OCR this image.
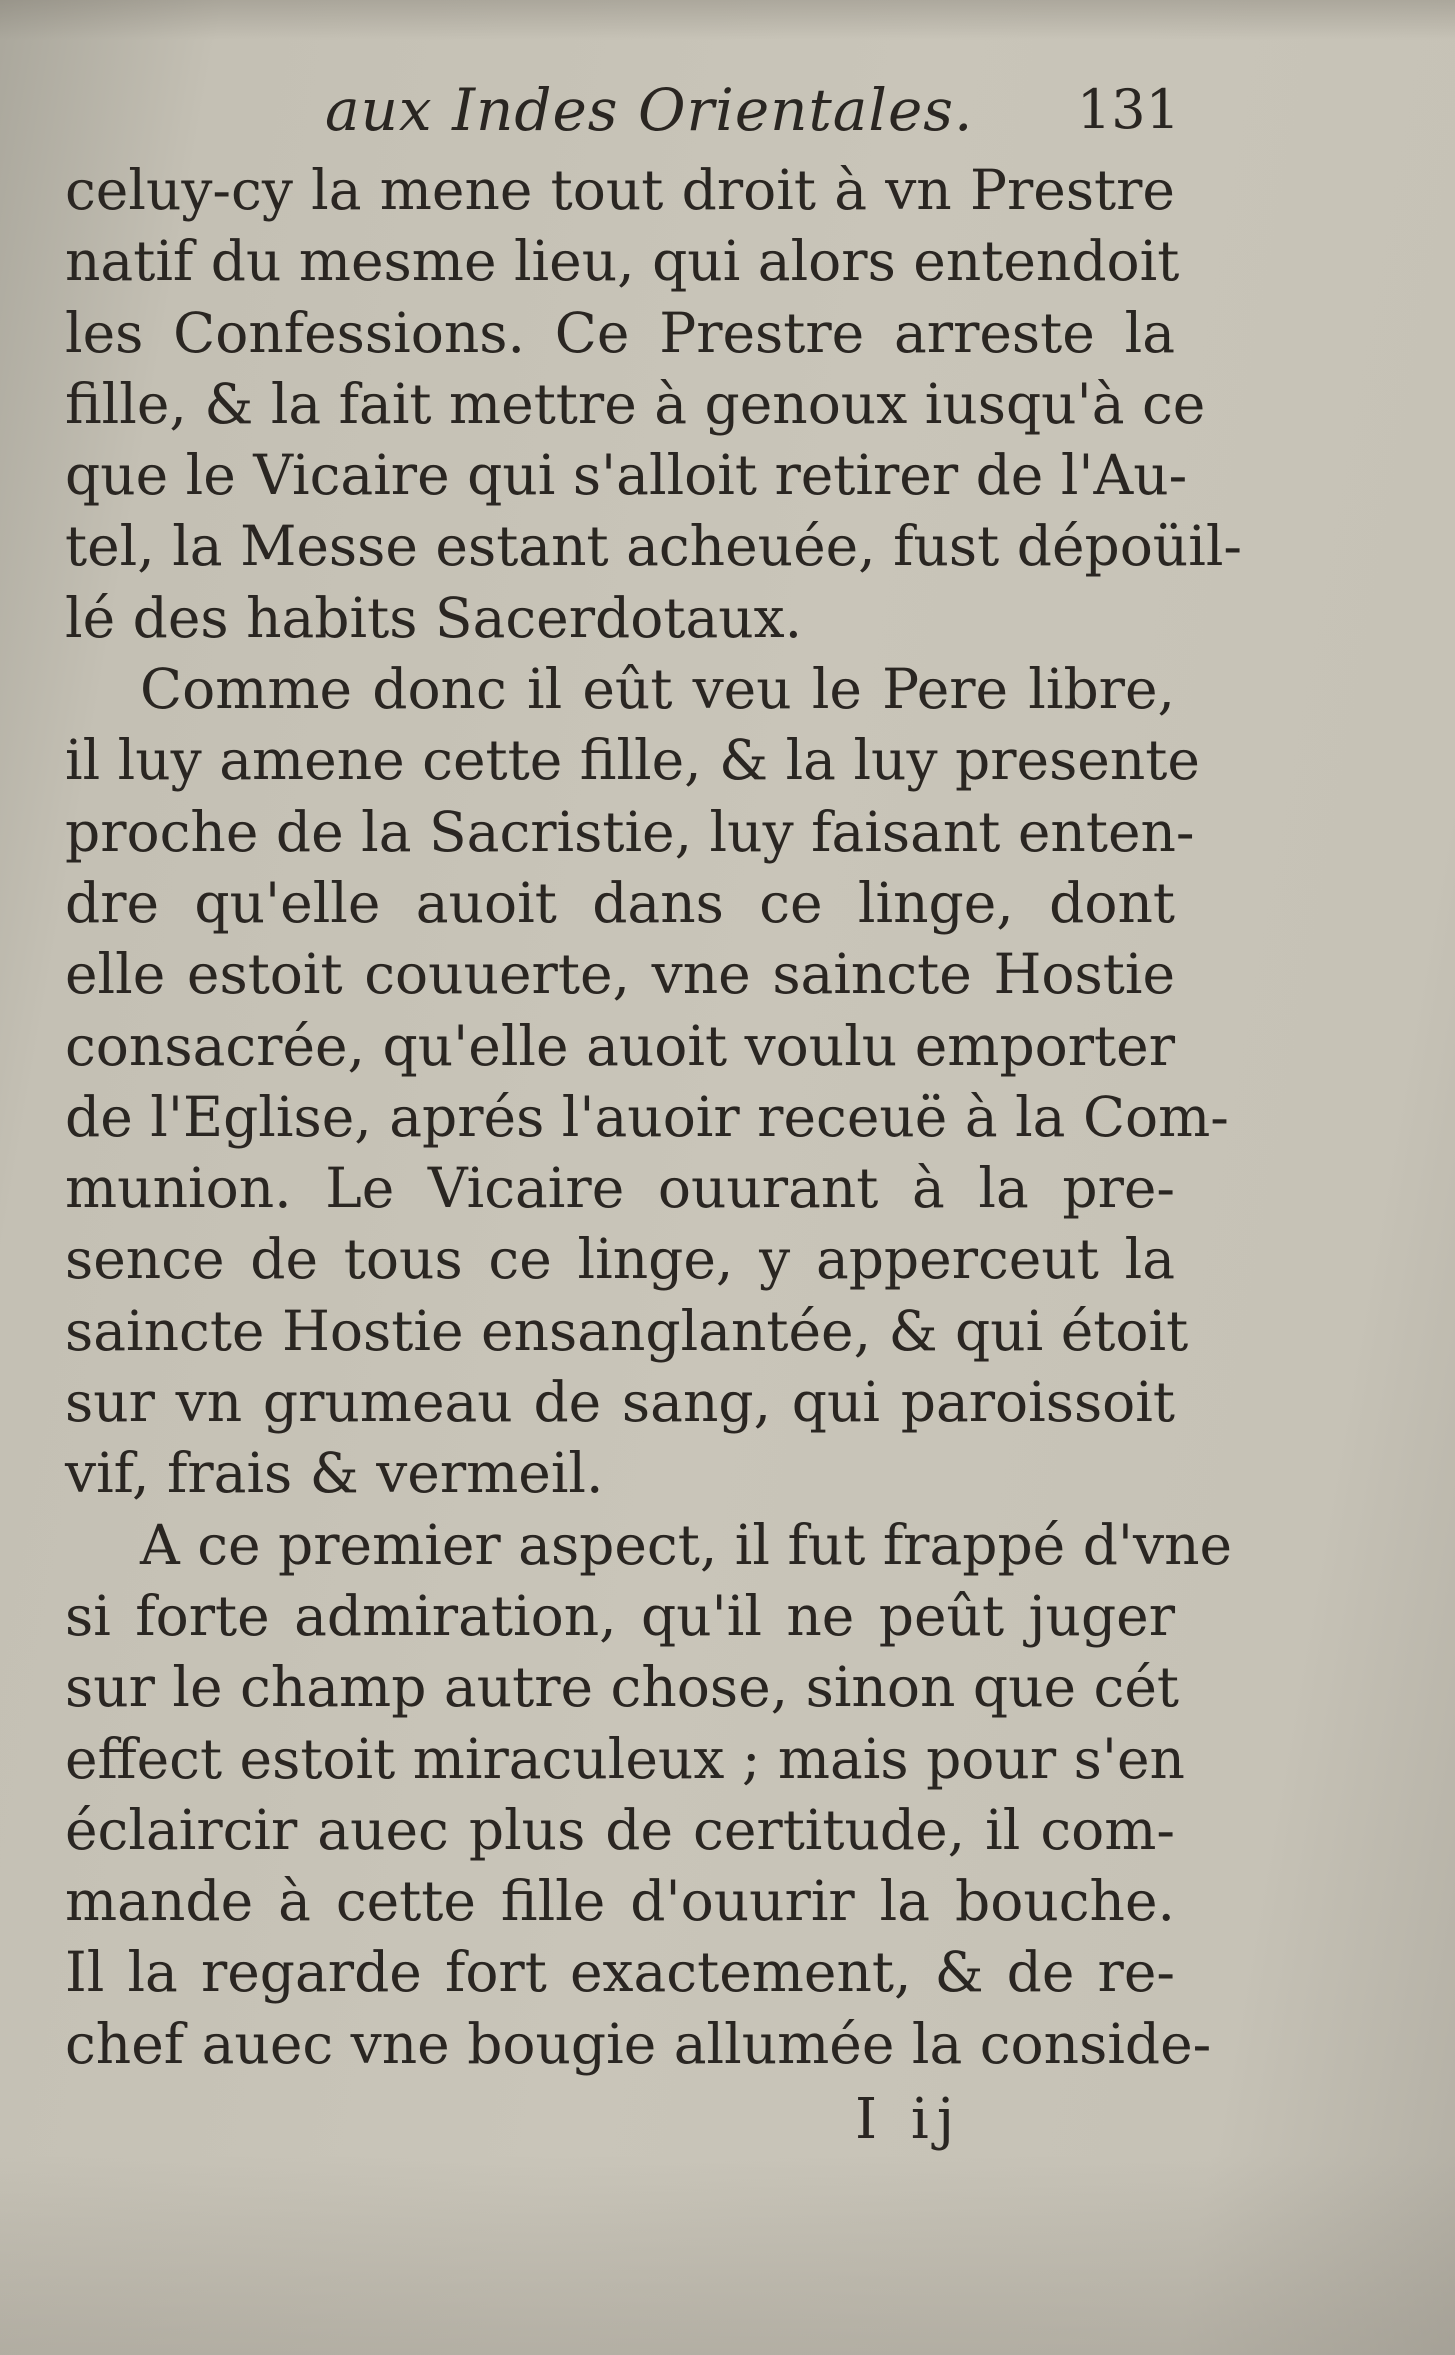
aux Indes Orientales. 131
celuy-cy la mene tout droit à vn Prestre
natif du mesme lieu, qui alors entendoit
les Confessions. Ce Prestre arreste la
fille, & la fait mettre à genoux iusqu'à ce
que le Vicaire qui s'alloit retirer de l'Au-
tel, la Messe estant acheuée, fust dépoüil-
lé des habits Sacerdotaux.
Comme donc il eût veu le Pere libre,
il luy amene cette fille, & la luy presente
proche de la Sacristie, luy faisant enten-
dre qu'elle auoit dans ce linge, dont
elle estoit couuerte, vne saincte Hostie
consacrée, qu'elle auoit voulu emporter
de l'Eglise, aprés l'auoir receuë à la Com-
munion. Le Vicaire ouurant à la pre-
sence de tous ce linge, y apperceut la
saincte Hostie ensanglantée, & qui étoit
sur vn grumeau de sang, qui paroissoit
vif, frais & vermeil.
A ce premier aspect, il fut frappé d'vne
si forte admiration, qu'il ne peût juger
sur le champ autre chose, sinon que cét
effect estoit miraculeux ; mais pour s'en
éclaircir auec plus de certitude, il com-
mande à cette fille d'ouurir la bouche.
Il la regarde fort exactement, & de re-
chef auec vne bougie allumée la conside-
I ij
